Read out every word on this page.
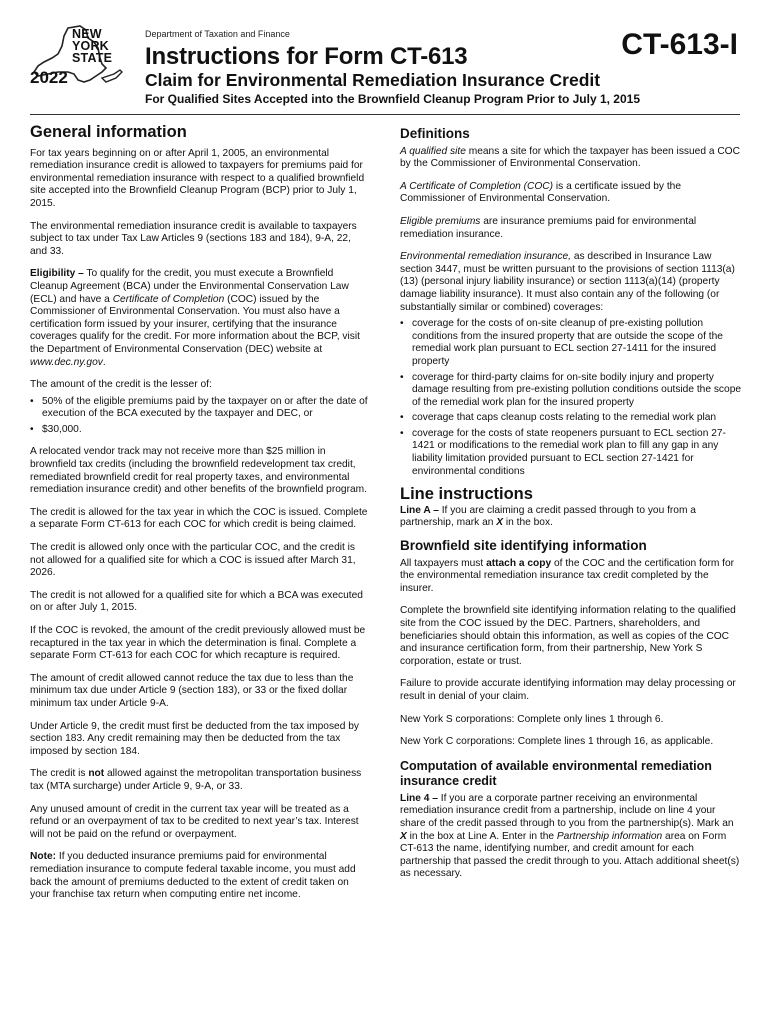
NEW
YORK
STATE
2022
Department of Taxation and Finance
Instructions for Form CT-613	CT-613-I
Claim for Environmental Remediation Insurance Credit
For Qualified Sites Accepted into the Brownfield Cleanup Program Prior to July 1, 2015
General information

For tax years beginning on or after April 1, 2005, an environmental remediation insurance credit is allowed to taxpayers for premiums paid for environmental remediation insurance with respect to a qualified brownfield site accepted into the Brownfield Cleanup Program (BCP) prior to July 1, 2015.

The environmental remediation insurance credit is available to taxpayers subject to tax under Tax Law Articles 9 (sections 183 and 184), 9-A, 22, and 33.

Eligibility – To qualify for the credit, you must execute a Brownfield Cleanup Agreement (BCA) under the Environmental Conservation Law (ECL) and have a Certificate of Completion (COC) issued by the Commissioner of Environmental Conservation. You must also have a certification form issued by your insurer, certifying that the insurance coverages qualify for the credit. For more information about the BCP, visit the Department of Environmental Conservation (DEC) website at www.dec.ny.gov.

The amount of the credit is the lesser of:

• 50% of the eligible premiums paid by the taxpayer on or after the date of execution of the BCA executed by the taxpayer and DEC, or
• $30,000.

A relocated vendor track may not receive more than $25 million in brownfield tax credits (including the brownfield redevelopment tax credit, remediated brownfield credit for real property taxes, and environmental remediation insurance credit) and other benefits of the brownfield program.

The credit is allowed for the tax year in which the COC is issued. Complete a separate Form CT-613 for each COC for which credit is being claimed.

The credit is allowed only once with the particular COC, and the credit is not allowed for a qualified site for which a COC is issued after March 31, 2026.

The credit is not allowed for a qualified site for which a BCA was executed on or after July 1, 2015.

If the COC is revoked, the amount of the credit previously allowed must be recaptured in the tax year in which the determination is final. Complete a separate Form CT-613 for each COC for which recapture is required.

The amount of credit allowed cannot reduce the tax due to less than the minimum tax due under Article 9 (section 183), or 33 or the fixed dollar minimum tax under Article 9-A.

Under Article 9, the credit must first be deducted from the tax imposed by section 183. Any credit remaining may then be deducted from the tax imposed by section 184.

The credit is not allowed against the metropolitan transportation business tax (MTA surcharge) under Article 9, 9-A, or 33.

Any unused amount of credit in the current tax year will be treated as a refund or an overpayment of tax to be credited to next year’s tax. Interest will not be paid on the refund or overpayment.

Note: If you deducted insurance premiums paid for environmental remediation insurance to compute federal taxable income, you must add back the amount of premiums deducted to the extent of credit taken on your franchise tax return when computing entire net income.

Definitions

A qualified site means a site for which the taxpayer has been issued a COC by the Commissioner of Environmental Conservation.

A Certificate of Completion (COC) is a certificate issued by the Commissioner of Environmental Conservation.

Eligible premiums are insurance premiums paid for environmental remediation insurance.

Environmental remediation insurance, as described in Insurance Law section 3447, must be written pursuant to the provisions of section 1113(a)(13) (personal injury liability insurance) or section 1113(a)(14) (property damage liability insurance). It must also contain any of the following (or substantially similar or combined) coverages:

• coverage for the costs of on-site cleanup of pre-existing pollution conditions from the insured property that are outside the scope of the remedial work plan pursuant to ECL section 27-1411 for the insured property
• coverage for third-party claims for on-site bodily injury and property damage resulting from pre-existing pollution conditions outside the scope of the remedial work plan for the insured property
• coverage that caps cleanup costs relating to the remedial work plan
• coverage for the costs of state reopeners pursuant to ECL section 27-1421 or modifications to the remedial work plan to fill any gap in any liability limitation provided pursuant to ECL section 27-1421 for environmental conditions
Line instructions

Line A – If you are claiming a credit passed through to you from a partnership, mark an X in the box.

Brownfield site identifying information

All taxpayers must attach a copy of the COC and the certification form for the environmental remediation insurance tax credit completed by the insurer.

Complete the brownfield site identifying information relating to the qualified site from the COC issued by the DEC. Partners, shareholders, and beneficiaries should obtain this information, as well as copies of the COC and insurance certification form, from their partnership, New York S corporation, estate or trust.

Failure to provide accurate identifying information may delay processing or result in denial of your claim.

New York S corporations: Complete only lines 1 through 6.

New York C corporations: Complete lines 1 through 16, as applicable.

Computation of available environmental remediation insurance credit

Line 4 – If you are a corporate partner receiving an environmental remediation insurance credit from a partnership, include on line 4 your share of the credit passed through to you from the partnership(s). Mark an X in the box at Line A. Enter in the Partnership information area on Form CT-613 the name, identifying number, and credit amount for each partnership that passed the credit through to you. Attach additional sheet(s) as necessary.
